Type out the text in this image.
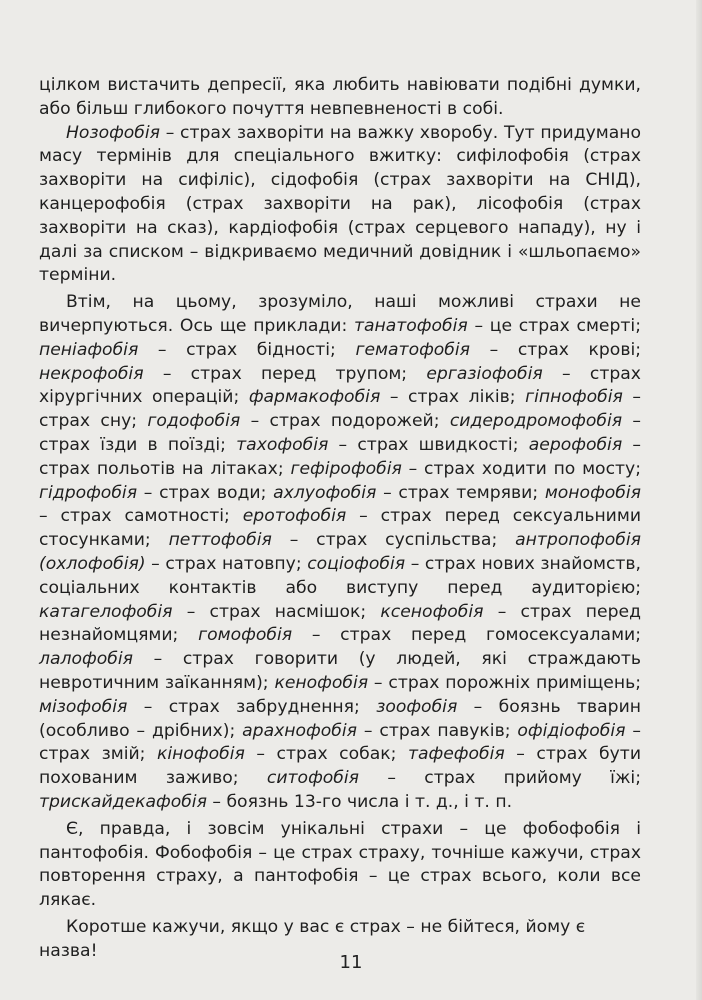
цілком вистачить депресії, яка любить навіювати подібні думки, або більш глибокого почуття невпевненості в собі.

Нозофобія – страх захворіти на важку хворобу. Тут придумано масу термінів для спеціального вжитку: сифілофобія (страх захворіти на сифіліс), сідофобія (страх захворіти на СНІД), канцерофобія (страх захворіти на рак), лісофобія (страх захворіти на сказ), кардіофобія (страх серцевого нападу), ну і далі за списком – відкриваємо медичний довідник і «шльопаємо» терміни.

Втім, на цьому, зрозуміло, наші можливі страхи не вичерпуються. Ось ще приклади: танатофобія – це страх смерті; пеніафобія – страх бідності; гематофобія – страх крові; некрофобія – страх перед трупом; ергазіофобія – страх хірургічних операцій; фармакофобія – страх ліків; гіпнофобія – страх сну; годофобія – страх подорожей; сидеродромофобія – страх їзди в поїзді; тахофобія – страх швидкості; аерофобія – страх польотів на літаках; гефірофобія – страх ходити по мосту; гідрофобія – страх води; ахлуофобія – страх темряви; монофобія – страх самотності; еротофобія – страх перед сексуальними стосунками; петтофобія – страх суспільства; антропофобія (охлофобія) – страх натовпу; соціофобія – страх нових знайомств, соціальних контактів або виступу перед аудиторією; катагелофобія – страх насмішок; ксенофобія – страх перед незнайомцями; гомофобія – страх перед гомосексуалами; лалофобія – страх говорити (у людей, які страждають невротичним заїканням); кенофобія – страх порожніх приміщень; мізофобія – страх забруднення; зоофобія – боязнь тварин (особливо – дрібних); арахнофобія – страх павуків; офідіофобія – страх змій; кінофобія – страх собак; тафефобія – страх бути похованим заживо; ситофобія – страх прийому їжі; трискайдекафобія – боязнь 13-го числа і т. д., і т. п.

Є, правда, і зовсім унікальні страхи – це фобофобія і пантофобія. Фобофобія – це страх страху, точніше кажучи, страх повторення страху, а пантофобія – це страх всього, коли все лякає.

Коротше кажучи, якщо у вас є страх – не бійтеся, йому є назва!

11
